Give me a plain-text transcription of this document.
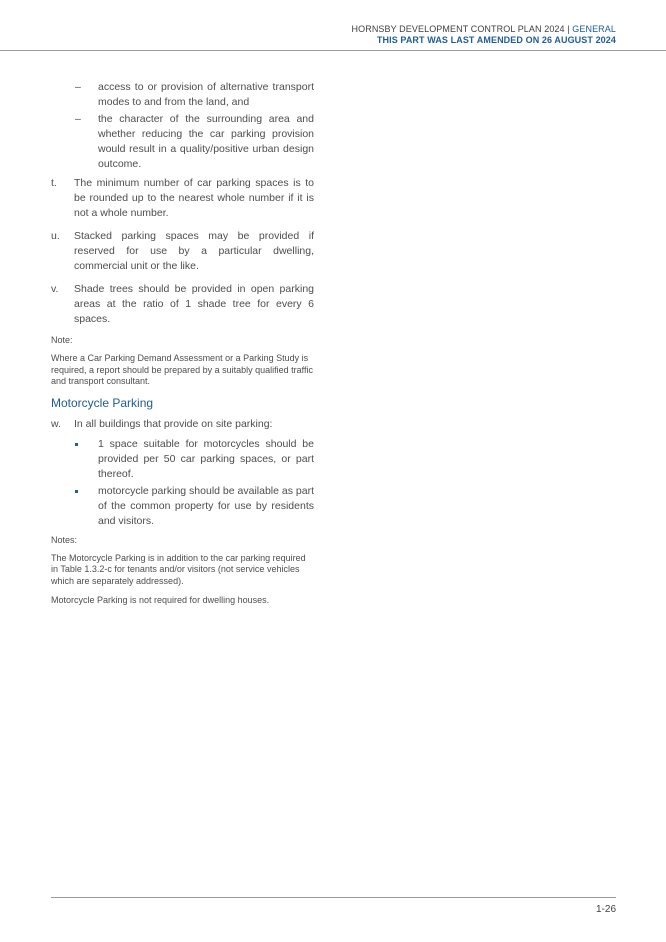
HORNSBY DEVELOPMENT CONTROL PLAN 2024 | GENERAL
THIS PART WAS LAST AMENDED ON 26 AUGUST 2024
– access to or provision of alternative transport modes to and from the land, and
– the character of the surrounding area and whether reducing the car parking provision would result in a quality/positive urban design outcome.
t. The minimum number of car parking spaces is to be rounded up to the nearest whole number if it is not a whole number.
u. Stacked parking spaces may be provided if reserved for use by a particular dwelling, commercial unit or the like.
v. Shade trees should be provided in open parking areas at the ratio of 1 shade tree for every 6 spaces.
Note:
Where a Car Parking Demand Assessment or a Parking Study is required, a report should be prepared by a suitably qualified traffic and transport consultant.
Motorcycle Parking
w. In all buildings that provide on site parking:
1 space suitable for motorcycles should be provided per 50 car parking spaces, or part thereof.
motorcycle parking should be available as part of the common property for use by residents and visitors.
Notes:
The Motorcycle Parking is in addition to the car parking required in Table 1.3.2-c for tenants and/or visitors (not service vehicles which are separately addressed).
Motorcycle Parking is not required for dwelling houses.
1-26
